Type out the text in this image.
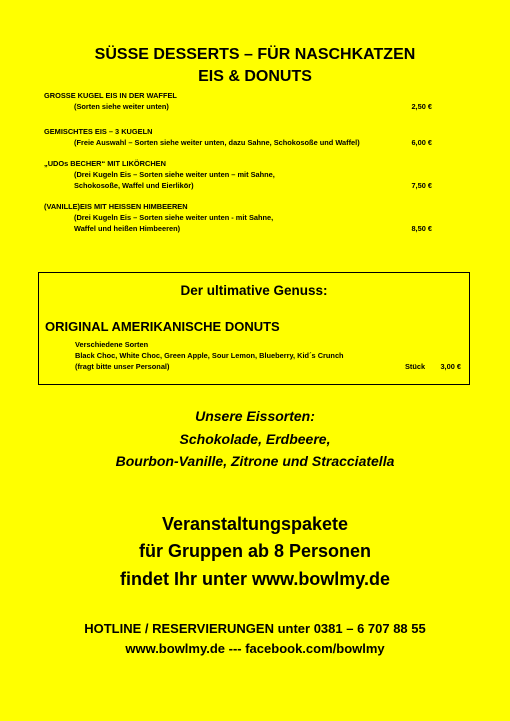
SÜSSE DESSERTS – FÜR NASCHKATZEN
EIS & DONUTS
GROSSE KUGEL EIS IN DER WAFFEL
(Sorten siehe weiter unten)	2,50 €
GEMISCHTES EIS – 3 KUGELN
(Freie Auswahl – Sorten siehe weiter unten, dazu Sahne, Schokosoße und Waffel)	6,00 €
„UDOs BECHER“ MIT LIKÖRCHEN
(Drei Kugeln Eis – Sorten siehe weiter unten – mit Sahne,
Schokosoße, Waffel und Eierlikör)	7,50 €
(VANILLE)EIS MIT HEISSEN HIMBEEREN
(Drei Kugeln Eis – Sorten siehe weiter unten - mit Sahne,
Waffel und heißen Himbeeren)	8,50 €
Der ultimative Genuss:
ORIGINAL AMERIKANISCHE DONUTS
Verschiedene Sorten
Black Choc, White Choc, Green Apple, Sour Lemon, Blueberry, Kid´s Crunch
(fragt bitte unser Personal)	Stück 3,00 €
Unsere Eissorten:
Schokolade, Erdbeere,
Bourbon-Vanille, Zitrone und Stracciatella
Veranstaltungspakete
für Gruppen ab 8 Personen
findet Ihr unter www.bowlmy.de
HOTLINE / RESERVIERUNGEN unter 0381 – 6 707 88 55
www.bowlmy.de --- facebook.com/bowlmy
